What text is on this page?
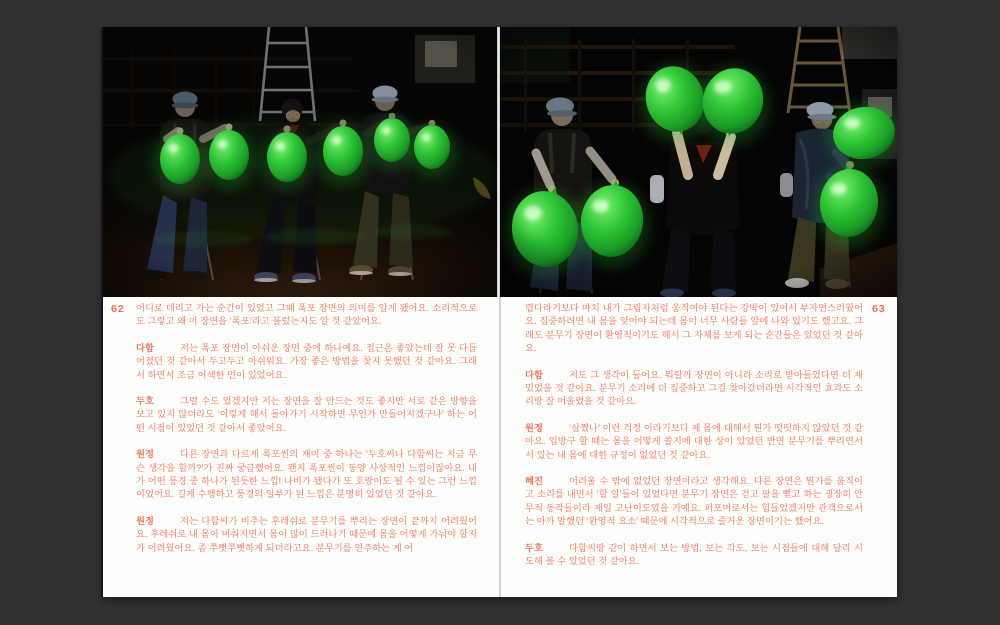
62	63

어디로 데리고 가는 순간이 있었고 그때 폭포 장면의 의미를 알게 됐어요. 소리적으로도 그렇고 왜 이 장면을 ‘폭포’라고 불렀는지도 알 것 같았어요.

다함	저는 폭포 장면이 아쉬운 장면 중에 하나예요. 접근은 좋았는데 잘 못 다듬어졌던 것 같아서 두고두고 아쉬워요. 가장 좋은 방법을 찾지 못했던 것 같아요. 그래서 하면서 조금 어색한 면이 있었어요.

두호	그럴 수도 있겠지만 저는 장면을 잘 만드는 것도 좋지만 서로 같은 방향을 보고 있지 않더라도 ‘이렇게 해서 돌아가기 시작하면 무언가 만들어지겠구나’ 하는 어떤 시점이 있었던 것 같아서 좋았어요.

원정	다른 장면과 다르게 폭포씬의 재미 중 하나는 ‘두호씨나 다함씨는 지금 무슨 생각을 할까?’가 진짜 궁금했어요. 왠지 폭포씬이 동양 사상적인 느낌이잖아요. 내가 어떤 풍경 중 하나가 된듯한 느낌! 나비가 됐다가 또 호랑이도 될 수 있는 그런 느낌이었어요. 길게 수행하고 풍경의 일부가 된 느낌은 분명히 있었던 것 같아요.

원정	저는 다함씨가 비추는 후레쉬로 분무기를 뿌리는 장면이 끝까지 어려웠어요. 후레쉬로 내 몸이 비춰지면서 몸이 많이 드러나기 때문에 몸을 어떻게 가눠야 할지가 어려웠어요. 좀 쭈뼛쭈뼛하게 되더라고요. 분무기를 연주하는 게 어

렵다라기보다 마치 내가 그림자처럼 움직여야 된다는 강박이 있어서 부자연스러웠어요. 집중하려면 내 몸을 잊어야 되는데 몸이 너무 사람들 앞에 나와 있기도 했고요. 그래도 분무기 장면이 환영적이기도 해서 그 자체를 보게 되는 순간들은 있었던 것 같아요.

다함	저도 그 생각이 들어요. 뭐랄까 장면이 아니라 소리로 받아들였다면 더 재밌었을 것 같아요. 분무기 소리에 더 집중하고 그걸 찾아갔더라면 시각적인 효과도 소리랑 잘 어울렸을 것 같아요.

원정	‘살쪘나’ 이런 걱정 이라기보다 제 몸에 대해서 뭔가 떳떳하지 않았던 것 같아요. 입방구 할 때는 몸을 어떻게 쓸지에 대한 상이 있었던 반면 분무기를 뿌리면서 서 있는 내 몸에 대한 규정이 없었던 것 같아요.

혜진	어려울 수 밖에 없었던 장면이라고 생각해요. 다른 장면은 뭔가를 움직이고 소리를 내면서 ‘할 일’들이 있었다면 분무기 장면은 걷고 팔을 뻗고 하는 굉장히 안무적 동작들이라 제일 고난이도였을 거예요. 퍼포머로서는 힘들었겠지만 관객으로서는 아까 말했던 ‘환영적 요소’ 때문에 시각적으로 즐거운 장면이기는 했어요.

두호	다함씨랑 같이 하면서 보는 방법, 보는 각도, 보는 시점들에 대해 달리 시도해 볼 수 있었던 것 같아요.
